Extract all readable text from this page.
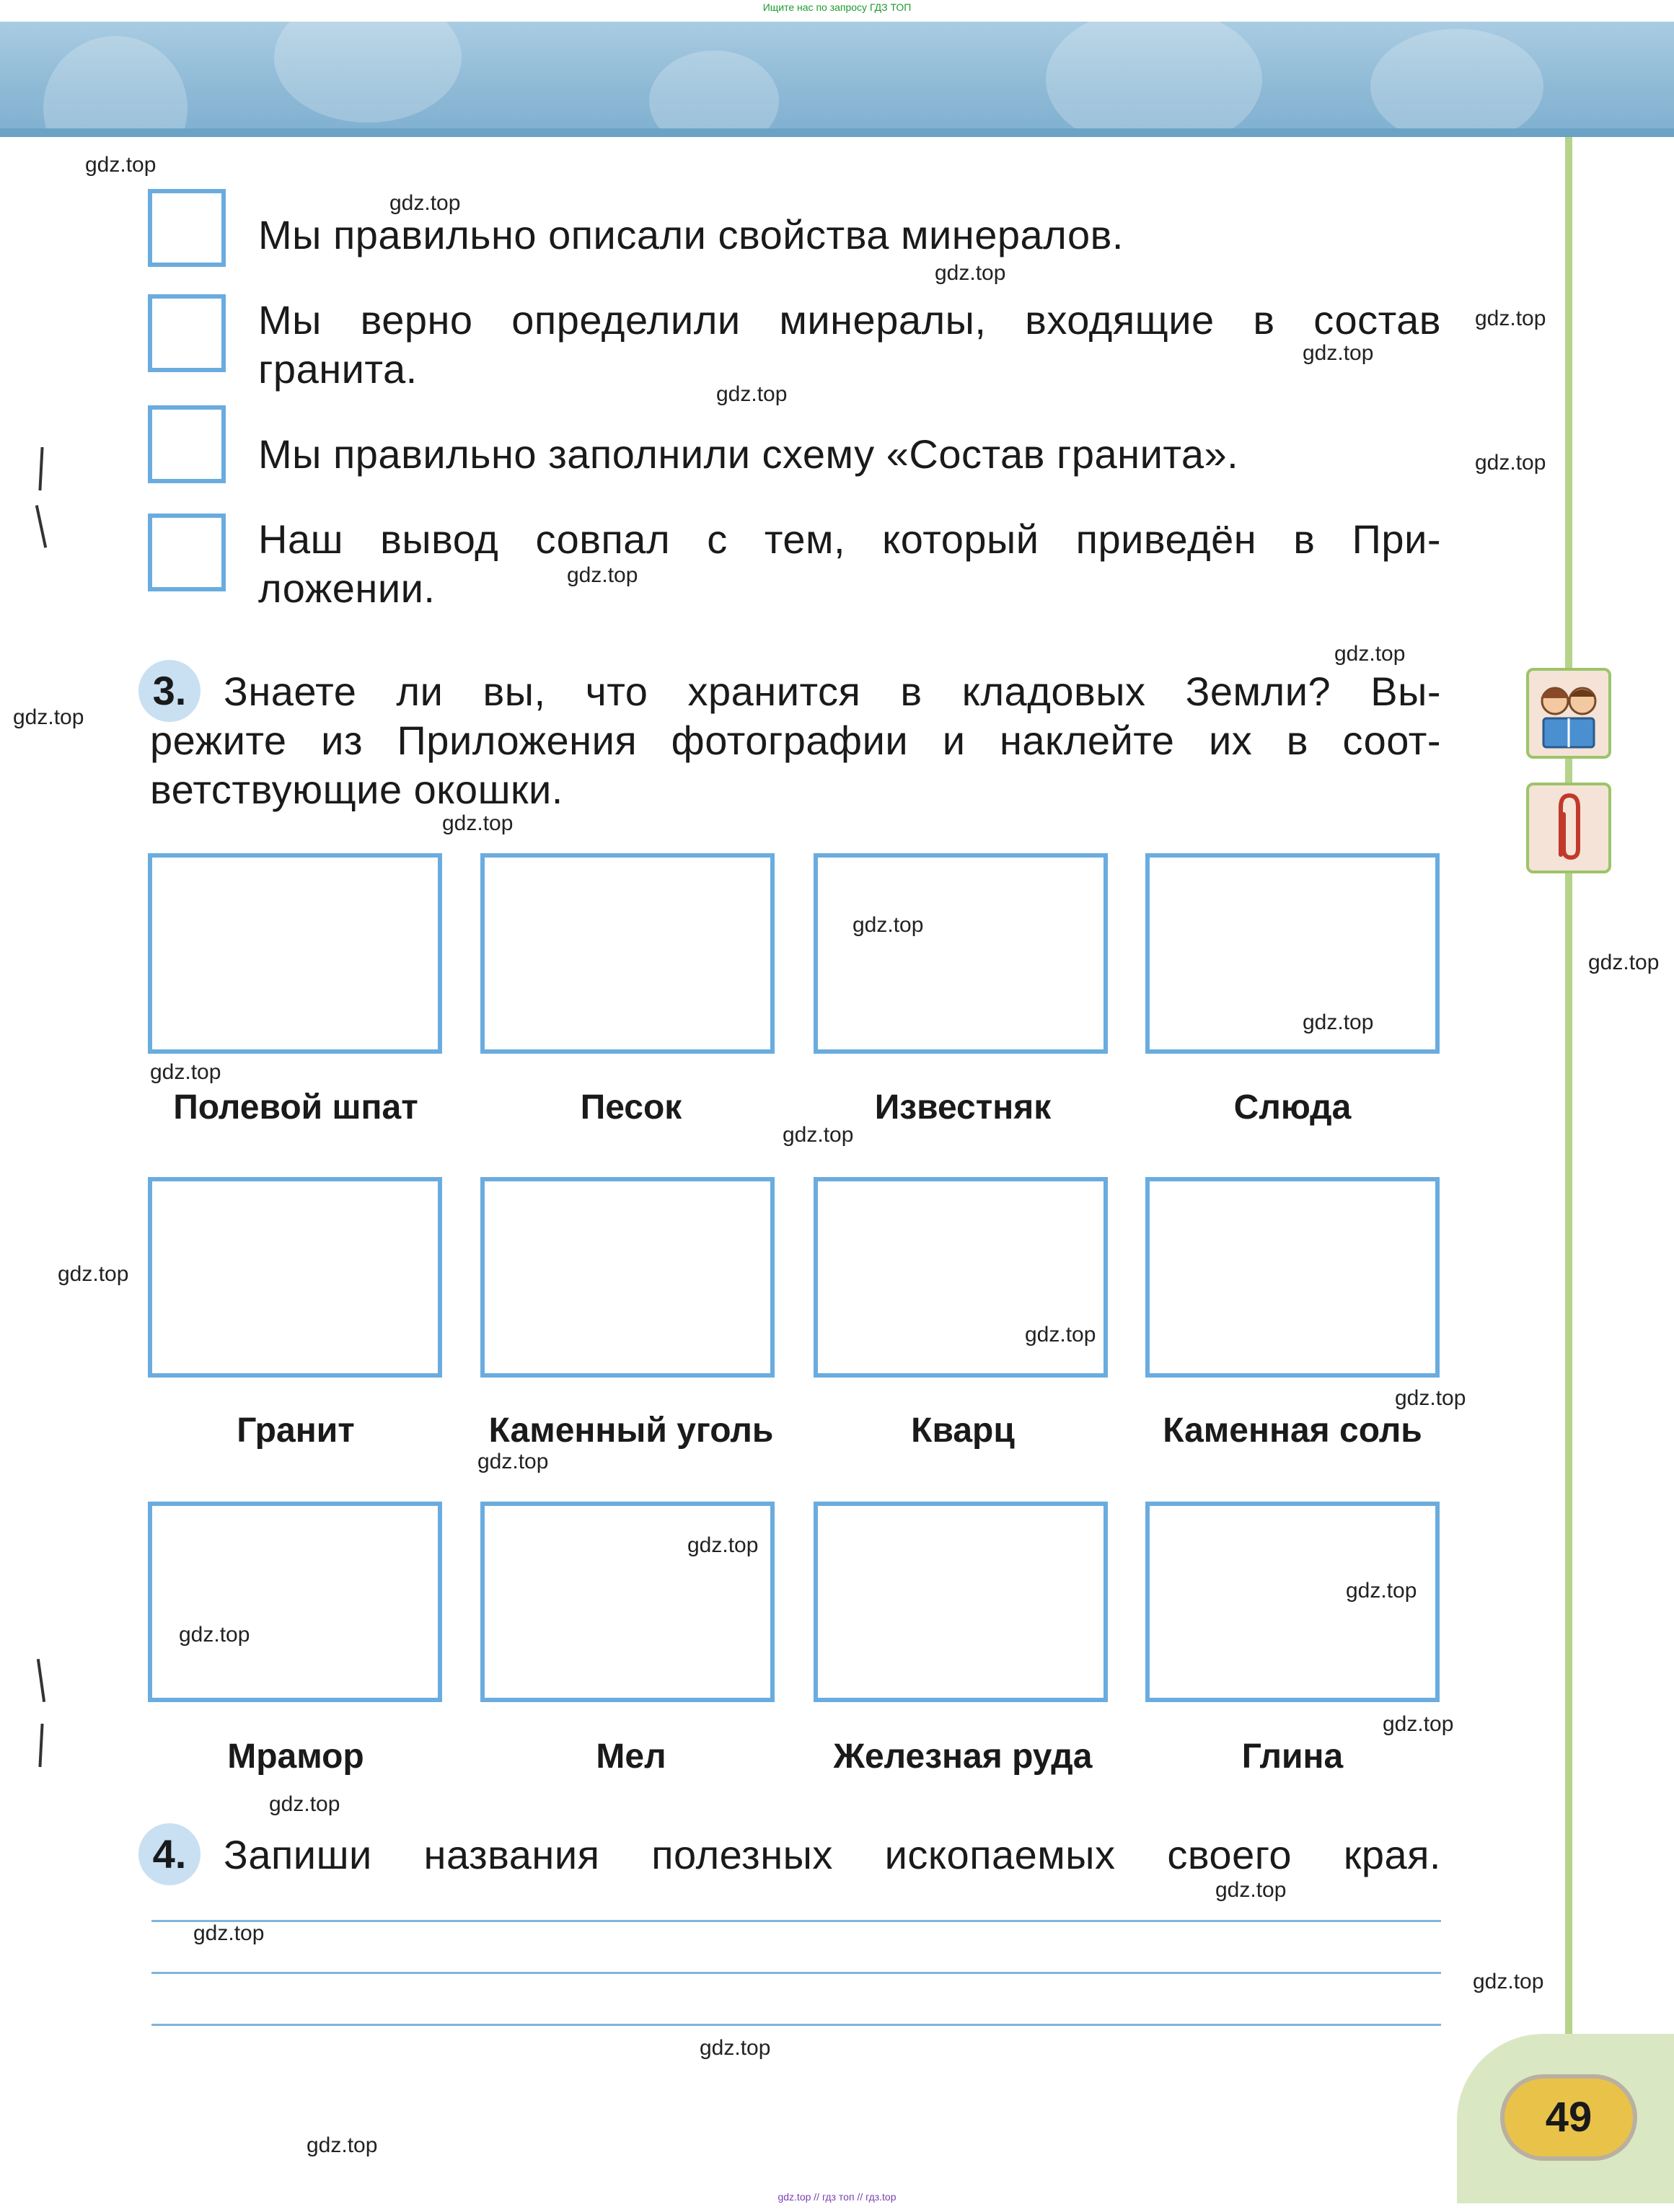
Ищите нас по запросу ГДЗ ТОП
Мы правильно описали свойства минералов.
Мы верно определили минералы, входящие в состав
гранита.
Мы правильно заполнили схему «Состав гранита».
Наш вывод совпал с тем, который приведён в При-
ложении.
3. Знаете ли вы, что хранится в кладовых Земли? Вы-
режите из Приложения фотографии и наклейте их в соот-
ветствующие окошки.
Полевой шпат	Песок	Известняк	Слюда
Гранит	Каменный уголь	Кварц	Каменная соль
Мрамор	Мел	Железная руда	Глина
4. Запиши названия полезных ископаемых своего края.
49
gdz.top
gdz.top
gdz.top
gdz.top
gdz.top
gdz.top
gdz.top
gdz.top
gdz.top
gdz.top
gdz.top
gdz.top
gdz.top
gdz.top
gdz.top
gdz.top
gdz.top
gdz.top
gdz.top
gdz.top
gdz.top
gdz.top
gdz.top
gdz.top
gdz.top
gdz.top
gdz.top
gdz.top
gdz.top
gdz.top
gdz.top // гдз топ // гдз.top
